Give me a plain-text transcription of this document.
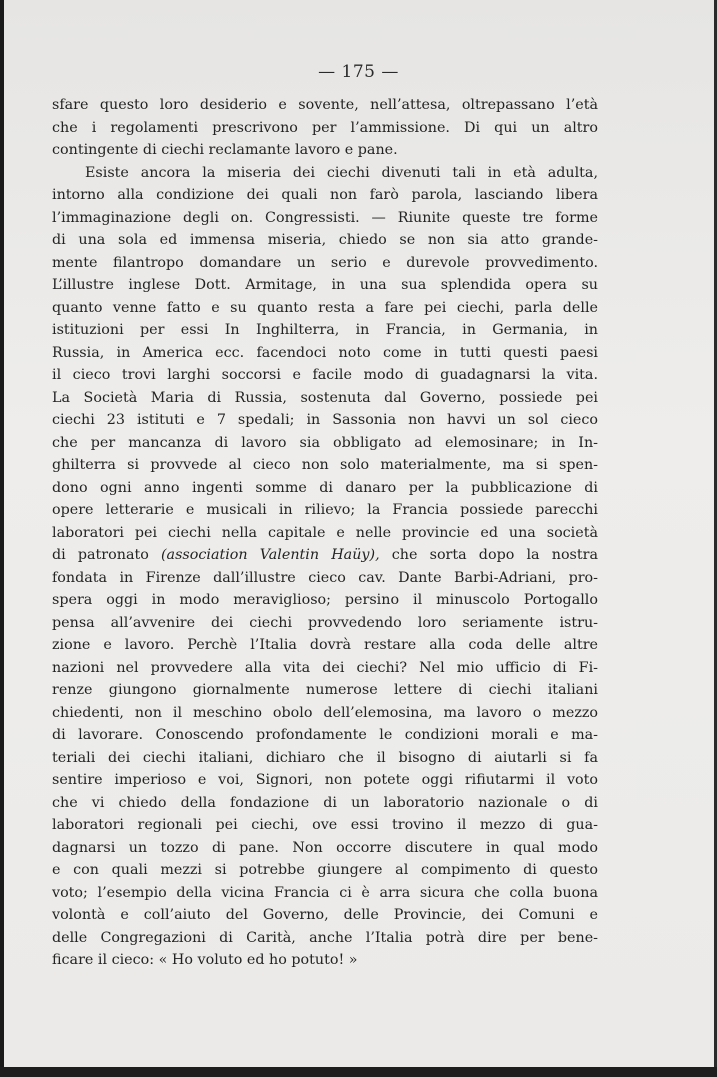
— 175 —
sfare questo loro desiderio e sovente, nell’attesa, oltrepassano l’età
che i regolamenti prescrivono per l’ammissione. Di qui un altro
contingente di ciechi reclamante lavoro e pane.
Esiste ancora la miseria dei ciechi divenuti tali in età adulta,
intorno alla condizione dei quali non farò parola, lasciando libera
l’immaginazione degli on. Congressisti. — Riunite queste tre forme
di una sola ed immensa miseria, chiedo se non sia atto grande-
mente filantropo domandare un serio e durevole provvedimento.
L’illustre inglese Dott. Armitage, in una sua splendida opera su
quanto venne fatto e su quanto resta a fare pei ciechi, parla delle
istituzioni per essi In Inghilterra, in Francia, in Germania, in
Russia, in America ecc. facendoci noto come in tutti questi paesi
il cieco trovi larghi soccorsi e facile modo di guadagnarsi la vita.
La Società Maria di Russia, sostenuta dal Governo, possiede pei
ciechi 23 istituti e 7 spedali; in Sassonia non havvi un sol cieco
che per mancanza di lavoro sia obbligato ad elemosinare; in In-
ghilterra si provvede al cieco non solo materialmente, ma si spen-
dono ogni anno ingenti somme di danaro per la pubblicazione di
opere letterarie e musicali in rilievo; la Francia possiede parecchi
laboratori pei ciechi nella capitale e nelle provincie ed una società
di patronato (association Valentin Haüy), che sorta dopo la nostra
fondata in Firenze dall’illustre cieco cav. Dante Barbi-Adriani, pro-
spera oggi in modo meraviglioso; persino il minuscolo Portogallo
pensa all’avvenire dei ciechi provvedendo loro seriamente istru-
zione e lavoro. Perchè l’Italia dovrà restare alla coda delle altre
nazioni nel provvedere alla vita dei ciechi? Nel mio ufficio di Fi-
renze giungono giornalmente numerose lettere di ciechi italiani
chiedenti, non il meschino obolo dell’elemosina, ma lavoro o mezzo
di lavorare. Conoscendo profondamente le condizioni morali e ma-
teriali dei ciechi italiani, dichiaro che il bisogno di aiutarli si fa
sentire imperioso e voi, Signori, non potete oggi rifiutarmi il voto
che vi chiedo della fondazione di un laboratorio nazionale o di
laboratori regionali pei ciechi, ove essi trovino il mezzo di gua-
dagnarsi un tozzo di pane. Non occorre discutere in qual modo
e con quali mezzi si potrebbe giungere al compimento di questo
voto; l’esempio della vicina Francia ci è arra sicura che colla buona
volontà e coll’aiuto del Governo, delle Provincie, dei Comuni e
delle Congregazioni di Carità, anche l’Italia potrà dire per bene-
ficare il cieco: « Ho voluto ed ho potuto! »
